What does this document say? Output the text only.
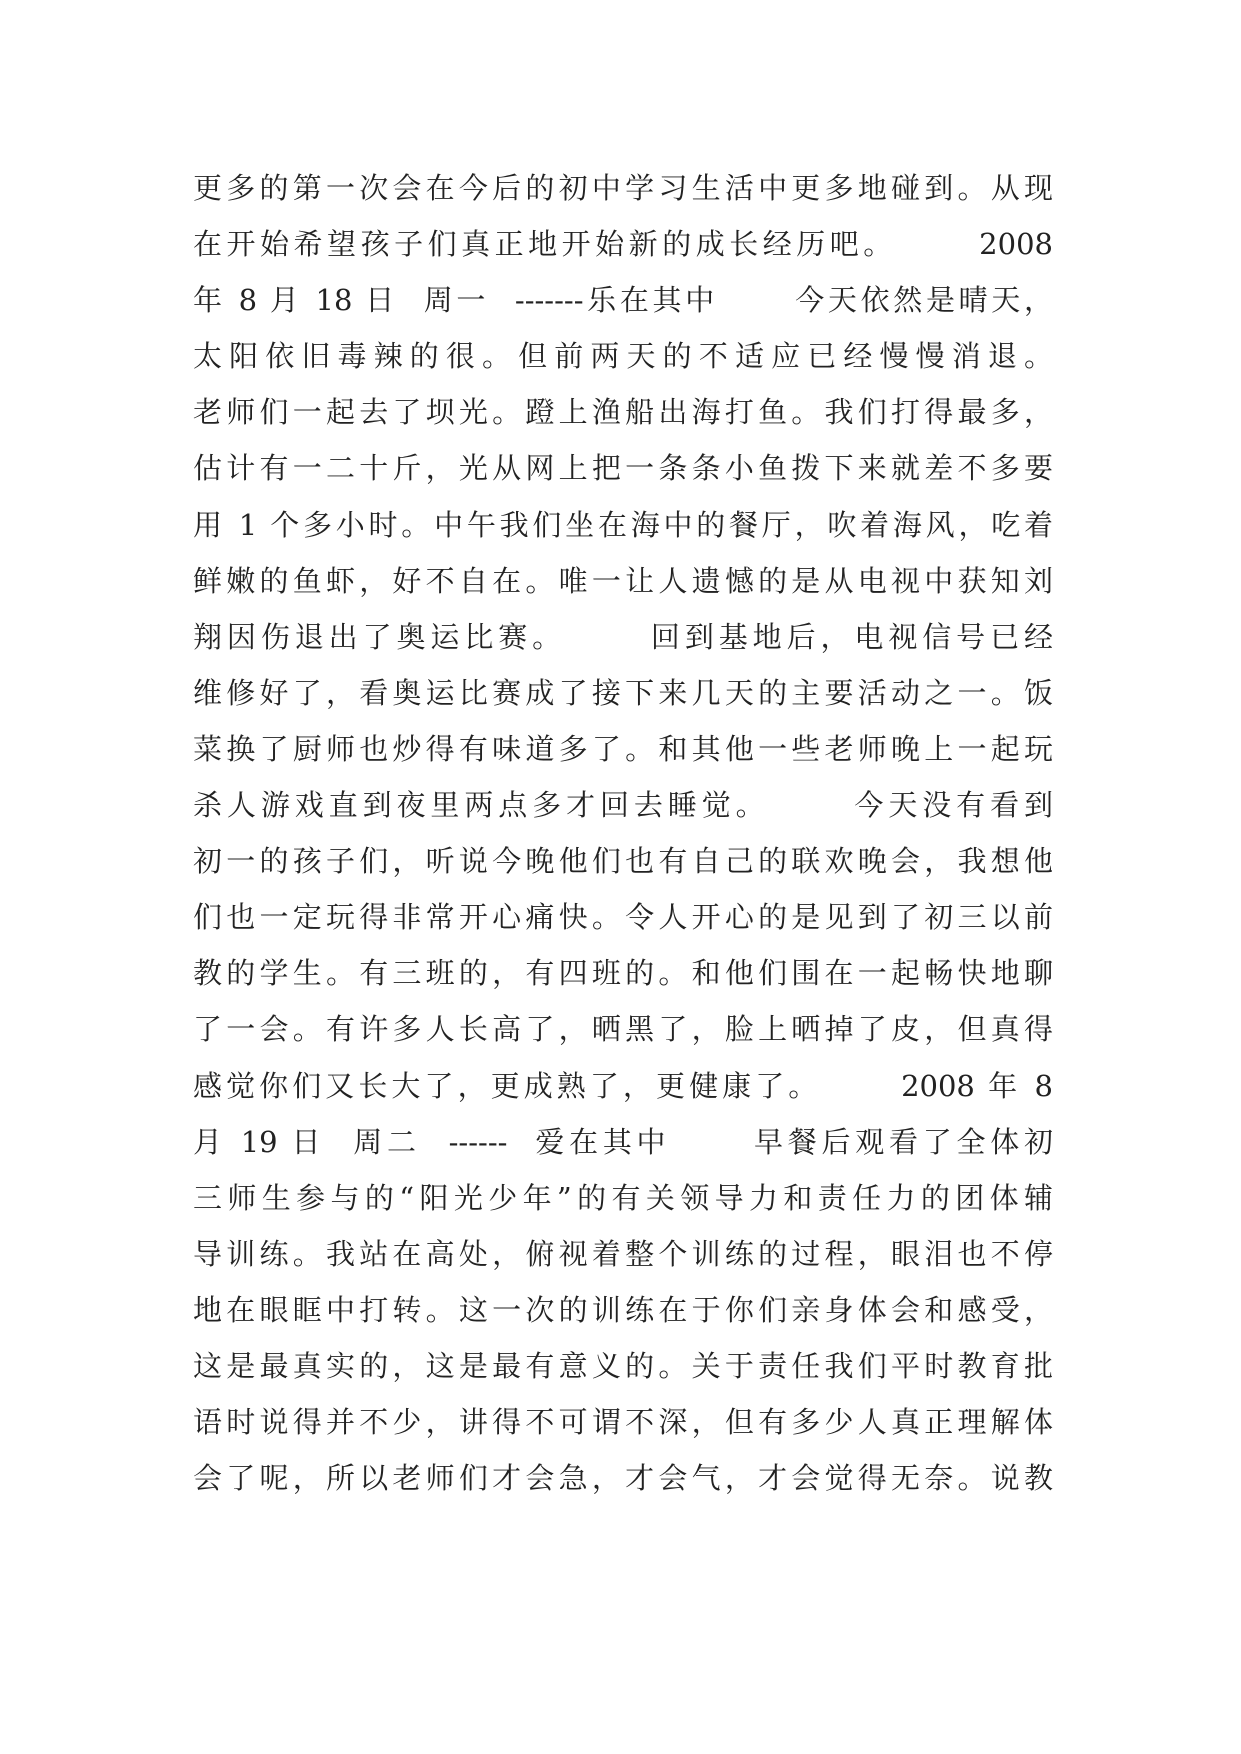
更多的第一次会在今后的初中学习生活中更多地碰到。从现
在开始希望孩子们真正地开始新的成长经历吧。      2008
年 8 月 18 日  周一  -------乐在其中      今天依然是晴天，
太阳依旧毒辣的很。但前两天的不适应已经慢慢消退。
老师们一起去了坝光。蹬上渔船出海打鱼。我们打得最多，
估计有一二十斤，光从网上把一条条小鱼拨下来就差不多要
用 1 个多小时。中午我们坐在海中的餐厅，吹着海风，吃着
鲜嫩的鱼虾，好不自在。唯一让人遗憾的是从电视中获知刘
翔因伤退出了奥运比赛。      回到基地后，电视信号已经
维修好了，看奥运比赛成了接下来几天的主要活动之一。饭
菜换了厨师也炒得有味道多了。和其他一些老师晚上一起玩
杀人游戏直到夜里两点多才回去睡觉。      今天没有看到
初一的孩子们，听说今晚他们也有自己的联欢晚会，我想他
们也一定玩得非常开心痛快。令人开心的是见到了初三以前
教的学生。有三班的，有四班的。和他们围在一起畅快地聊
了一会。有许多人长高了，晒黑了，脸上晒掉了皮，但真得
感觉你们又长大了，更成熟了，更健康了。      2008 年 8
月 19 日  周二  ------  爱在其中      早餐后观看了全体初
三师生参与的“阳光少年”的有关领导力和责任力的团体辅
导训练。我站在高处，俯视着整个训练的过程，眼泪也不停
地在眼眶中打转。这一次的训练在于你们亲身体会和感受，
这是最真实的，这是最有意义的。关于责任我们平时教育批
语时说得并不少，讲得不可谓不深，但有多少人真正理解体
会了呢，所以老师们才会急，才会气，才会觉得无奈。说教
